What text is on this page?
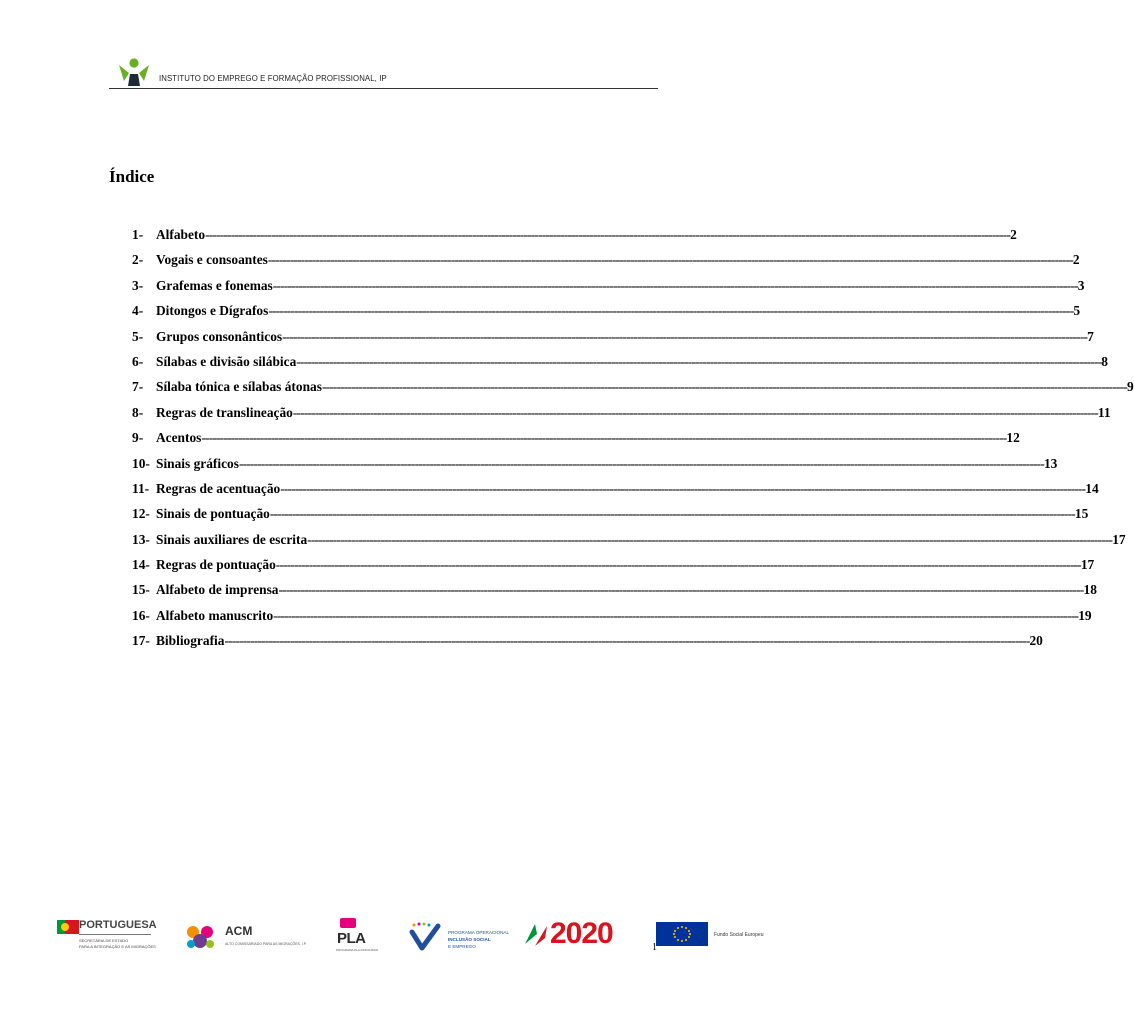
INSTITUTO DO EMPREGO E FORMAÇÃO PROFISSIONAL, IP
Índice
1- Alfabeto ---------------------------------------------------------------------------------------------------------------------------------------------------------------------------------------------------------------------------- 2
2- Vogais e consoantes ---------------------------------------------------------------------------------------------------------------------------------------------------------------------------------------------------------------------------- 2
3- Grafemas e fonemas ---------------------------------------------------------------------------------------------------------------------------------------------------------------------------------------------------------------------------- 3
4- Ditongos e Dígrafos ---------------------------------------------------------------------------------------------------------------------------------------------------------------------------------------------------------------------------- 5
5- Grupos consonânticos ---------------------------------------------------------------------------------------------------------------------------------------------------------------------------------------------------------------------------- 7
6- Sílabas e divisão silábica ---------------------------------------------------------------------------------------------------------------------------------------------------------------------------------------------------------------------------- 8
7- Sílaba tónica e sílabas átonas ---------------------------------------------------------------------------------------------------------------------------------------------------------------------------------------------------------------------------- 9
8- Regras de translineação ---------------------------------------------------------------------------------------------------------------------------------------------------------------------------------------------------------------------------- 11
9- Acentos ---------------------------------------------------------------------------------------------------------------------------------------------------------------------------------------------------------------------------- 12
10- Sinais gráficos ---------------------------------------------------------------------------------------------------------------------------------------------------------------------------------------------------------------------------- 13
11- Regras de acentuação ---------------------------------------------------------------------------------------------------------------------------------------------------------------------------------------------------------------------------- 14
12- Sinais de pontuação ---------------------------------------------------------------------------------------------------------------------------------------------------------------------------------------------------------------------------- 15
13- Sinais auxiliares de escrita ---------------------------------------------------------------------------------------------------------------------------------------------------------------------------------------------------------------------------- 17
14- Regras de pontuação ---------------------------------------------------------------------------------------------------------------------------------------------------------------------------------------------------------------------------- 17
15- Alfabeto de imprensa ---------------------------------------------------------------------------------------------------------------------------------------------------------------------------------------------------------------------------- 18
16- Alfabeto manuscrito ---------------------------------------------------------------------------------------------------------------------------------------------------------------------------------------------------------------------------- 19
17- Bibliografia ---------------------------------------------------------------------------------------------------------------------------------------------------------------------------------------------------------------------------- 20
PORTUGUESA
SECRETÁRIA DE ESTADO
PARA A INTEGRAÇÃO E AS MIGRAÇÕES
ACM
ALTO COMISSARIADO PARA AS MIGRAÇÕES, I.P. PLA
PROGRAMA PLA ASSOCIADO
PROGRAMA OPERACIONAL
INCLUSÃO SOCIAL
E EMPREGO 2020	Fundo Social Europeu
1
